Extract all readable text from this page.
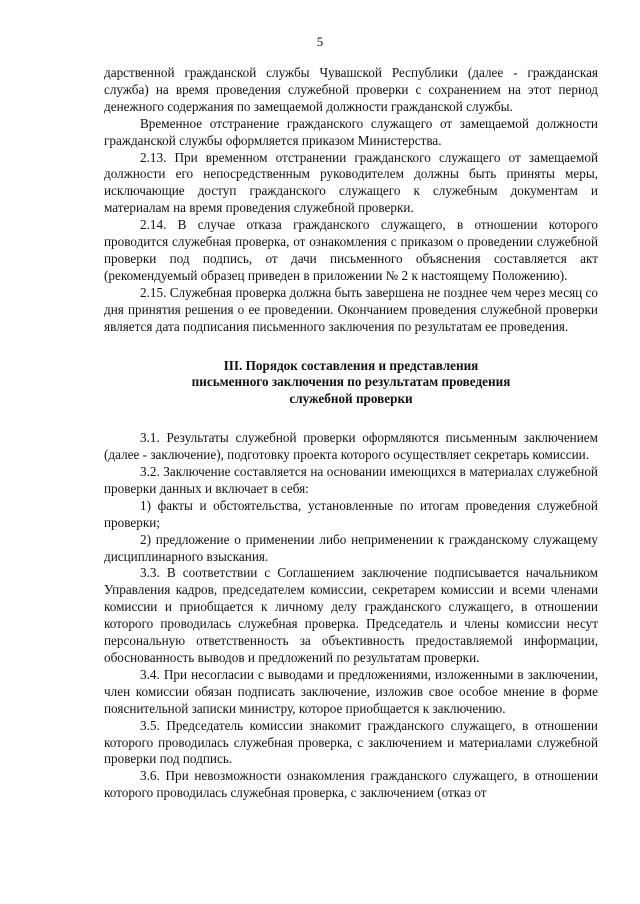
5

дарственной гражданской службы Чувашской Республики (далее - гражданская служба) на время проведения служебной проверки с сохранением на этот период денежного содержания по замещаемой должности гражданской службы.

Временное отстранение гражданского служащего от замещаемой должности гражданской службы оформляется приказом Министерства.

2.13. При временном отстранении гражданского служащего от замещаемой должности его непосредственным руководителем должны быть приняты меры, исключающие доступ гражданского служащего к служебным документам и материалам на время проведения служебной проверки.

2.14. В случае отказа гражданского служащего, в отношении которого проводится служебная проверка, от ознакомления с приказом о проведении служебной проверки под подпись, от дачи письменного объяснения составляется акт (рекомендуемый образец приведен в приложении № 2 к настоящему Положению).

2.15. Служебная проверка должна быть завершена не позднее чем через месяц со дня принятия решения о ее проведении. Окончанием проведения служебной проверки является дата подписания письменного заключения по результатам ее проведения.

III. Порядок составления и представления
письменного заключения по результатам проведения
служебной проверки

3.1. Результаты служебной проверки оформляются письменным заключением (далее - заключение), подготовку проекта которого осуществляет секретарь комиссии.

3.2. Заключение составляется на основании имеющихся в материалах служебной проверки данных и включает в себя:

1) факты и обстоятельства, установленные по итогам проведения служебной проверки;

2) предложение о применении либо неприменении к гражданскому служащему дисциплинарного взыскания.

3.3. В соответствии с Соглашением заключение подписывается начальником Управления кадров, председателем комиссии, секретарем комиссии и всеми членами комиссии и приобщается к личному делу гражданского служащего, в отношении которого проводилась служебная проверка. Председатель и члены комиссии несут персональную ответственность за объективность предоставляемой информации, обоснованность выводов и предложений по результатам проверки.

3.4. При несогласии с выводами и предложениями, изложенными в заключении, член комиссии обязан подписать заключение, изложив свое особое мнение в форме пояснительной записки министру, которое приобщается к заключению.

3.5. Председатель комиссии знакомит гражданского служащего, в отношении которого проводилась служебная проверка, с заключением и материалами служебной проверки под подпись.

3.6. При невозможности ознакомления гражданского служащего, в отношении которого проводилась служебная проверка, с заключением (отказ от
